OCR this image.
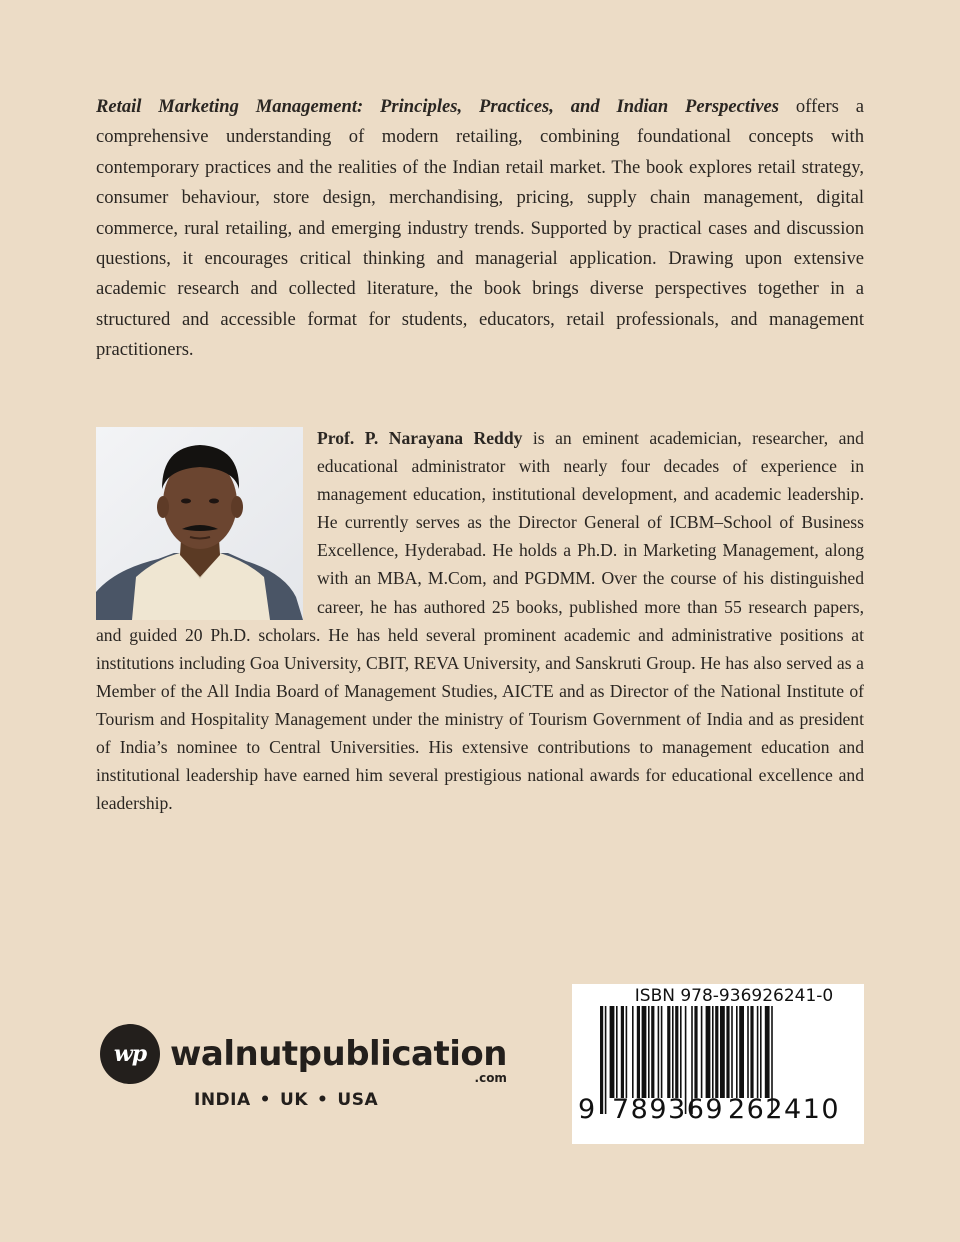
Retail Marketing Management: Principles, Practices, and Indian Perspectives offers a comprehensive understanding of modern retailing, combining foundational concepts with contemporary practices and the realities of the Indian retail market. The book explores retail strategy, consumer behaviour, store design, merchandising, pricing, supply chain management, digital commerce, rural retailing, and emerging industry trends. Supported by practical cases and discussion questions, it encourages critical thinking and managerial application. Drawing upon extensive academic research and collected literature, the book brings diverse perspectives together in a structured and accessible format for students, educators, retail professionals, and management practitioners.

Prof. P. Narayana Reddy is an eminent academician, researcher, and educational administrator with nearly four decades of experience in management education, institutional development, and academic leadership. He currently serves as the Director General of ICBM–School of Business Excellence, Hyderabad. He holds a Ph.D. in Marketing Management, along with an MBA, M.Com, and PGDMM. Over the course of his distinguished career, he has authored 25 books, published more than 55 research papers, and guided 20 Ph.D. scholars. He has held several prominent academic and administrative positions at institutions including Goa University, CBIT, REVA University, and Sanskruti Group. He has also served as a Member of the All India Board of Management Studies, AICTE and as Director of the National Institute of Tourism and Hospitality Management under the ministry of Tourism Government of India and as president of India’s nominee to Central Universities. His extensive contributions to management education and institutional leadership have earned him several prestigious national awards for educational excellence and leadership.
wp walnutpublication
.com
INDIA • UK • USA
ISBN 978-936926241-0
9 789369 262410
